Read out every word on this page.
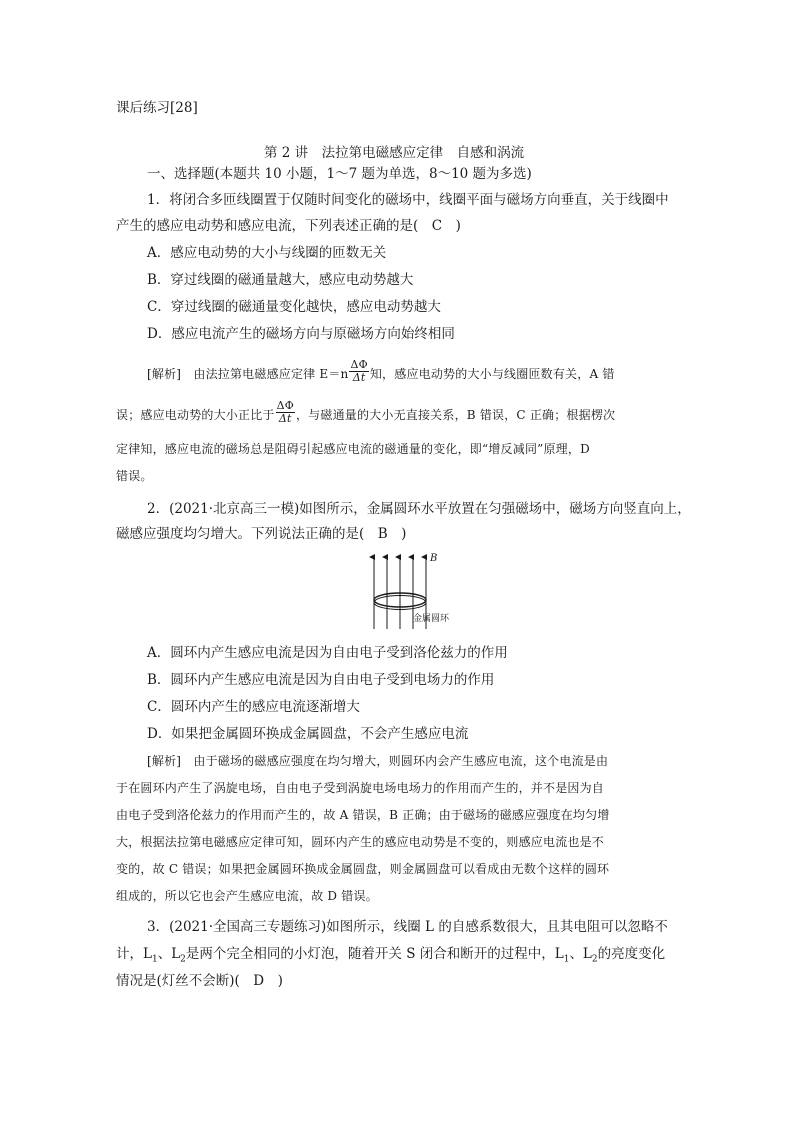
课后练习[28]
第 2 讲　法拉第电磁感应定律　自感和涡流
一、选择题(本题共 10 小题，1～7 题为单选，8～10 题为多选)
1．将闭合多匝线圈置于仅随时间变化的磁场中，线圈平面与磁场方向垂直，关于线圈中
产生的感应电动势和感应电流，下列表述正确的是(　C　)
A．感应电动势的大小与线圈的匝数无关
B．穿过线圈的磁通量越大，感应电动势越大
C．穿过线圈的磁通量变化越快，感应电动势越大
D．感应电流产生的磁场方向与原磁场方向始终相同
[解析]　由法拉第电磁感应定律 $E=n \frac{\Delta\Phi}{\Delta t}$ 知，感应电动势的大小与线圈匝数有关，A 错
误；感应电动势的大小正比于 $\frac{\Delta\Phi}{\Delta t}$ ，与磁通量的大小无直接关系，B 错误，C 正确；根据楞次
定律知，感应电流的磁场总是阻碍引起感应电流的磁通量的变化，即“增反减同”原理，D
错误。
2．(2021·北京高三一模)如图所示，金属圆环水平放置在匀强磁场中，磁场方向竖直向上，
磁感应强度均匀增大。下列说法正确的是(　B　)
B
金属圆环
A．圆环内产生感应电流是因为自由电子受到洛伦兹力的作用
B．圆环内产生感应电流是因为自由电子受到电场力的作用
C．圆环内产生的感应电流逐渐增大
D．如果把金属圆环换成金属圆盘，不会产生感应电流
[解析]　由于磁场的磁感应强度在均匀增大，则圆环内会产生感应电流，这个电流是由
于在圆环内产生了涡旋电场，自由电子受到涡旋电场电场力的作用而产生的，并不是因为自
由电子受到洛伦兹力的作用而产生的，故 A 错误，B 正确；由于磁场的磁感应强度在均匀增
大，根据法拉第电磁感应定律可知，圆环内产生的感应电动势是不变的，则感应电流也是不
变的，故 C 错误；如果把金属圆环换成金属圆盘，则金属圆盘可以看成由无数个这样的圆环
组成的，所以它也会产生感应电流，故 D 错误。
3．(2021·全国高三专题练习)如图所示，线圈 L 的自感系数很大，且其电阻可以忽略不
计，$L_1$、$L_2$是两个完全相同的小灯泡，随着开关 S 闭合和断开的过程中，$L_1$、$L_2$的亮度变化
情况是(灯丝不会断)(　D　)
